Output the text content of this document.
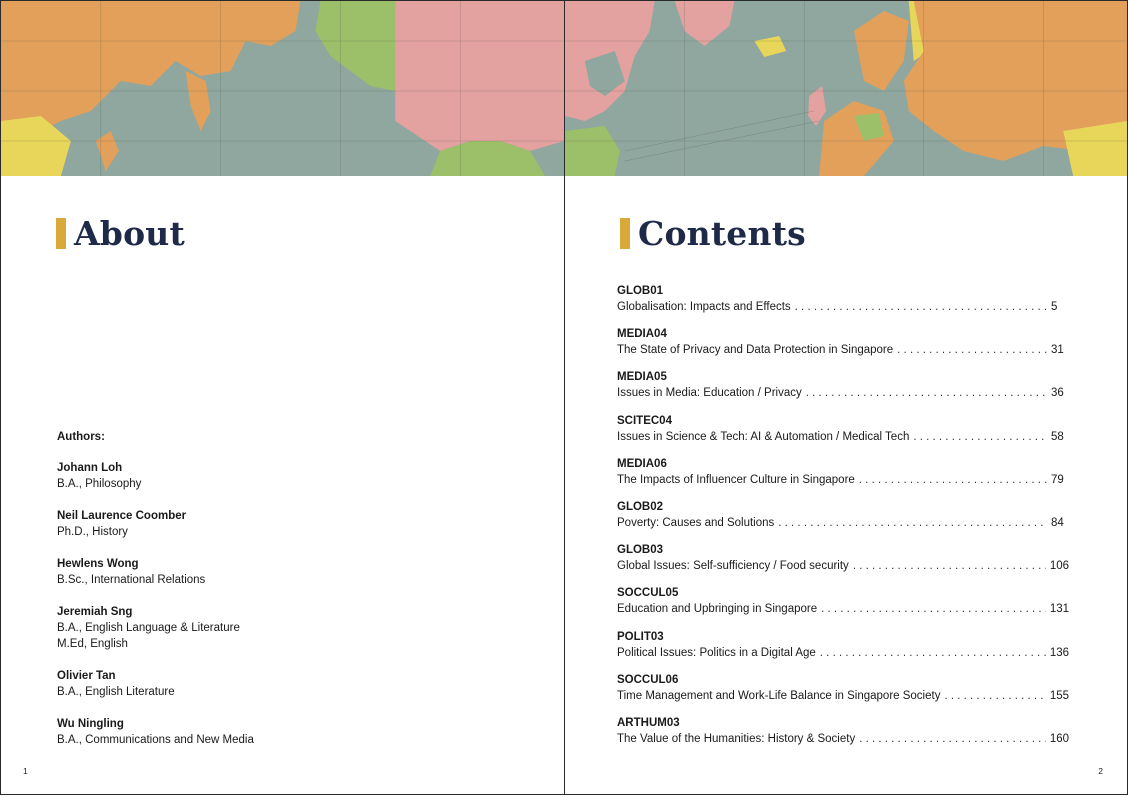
About
Authors:
Johann Loh
B.A., Philosophy
Neil Laurence Coomber
Ph.D., History
Hewlens Wong
B.Sc., International Relations
Jeremiah Sng
B.A., English Language & Literature
M.Ed, English
Olivier Tan
B.A., English Literature
Wu Ningling
B.A., Communications and New Media
1
Contents
GLOB01
Globalisation: Impacts and Effects . . .	5
MEDIA04
The State of Privacy and Data Protection in Singapore . . .	31
MEDIA05
Issues in Media: Education / Privacy . . .	36
SCITEC04
Issues in Science & Tech: AI & Automation / Medical Tech . . .	58
MEDIA06
The Impacts of Influencer Culture in Singapore . . .	79
GLOB02
Poverty: Causes and Solutions . . .	84
GLOB03
Global Issues: Self-sufficiency / Food security . . .	106
SOCCUL05
Education and Upbringing in Singapore . . .	131
POLIT03
Political Issues: Politics in a Digital Age . . .	136
SOCCUL06
Time Management and Work-Life Balance in Singapore Society . . .	155
ARTHUM03
The Value of the Humanities: History & Society . . .	160
2
